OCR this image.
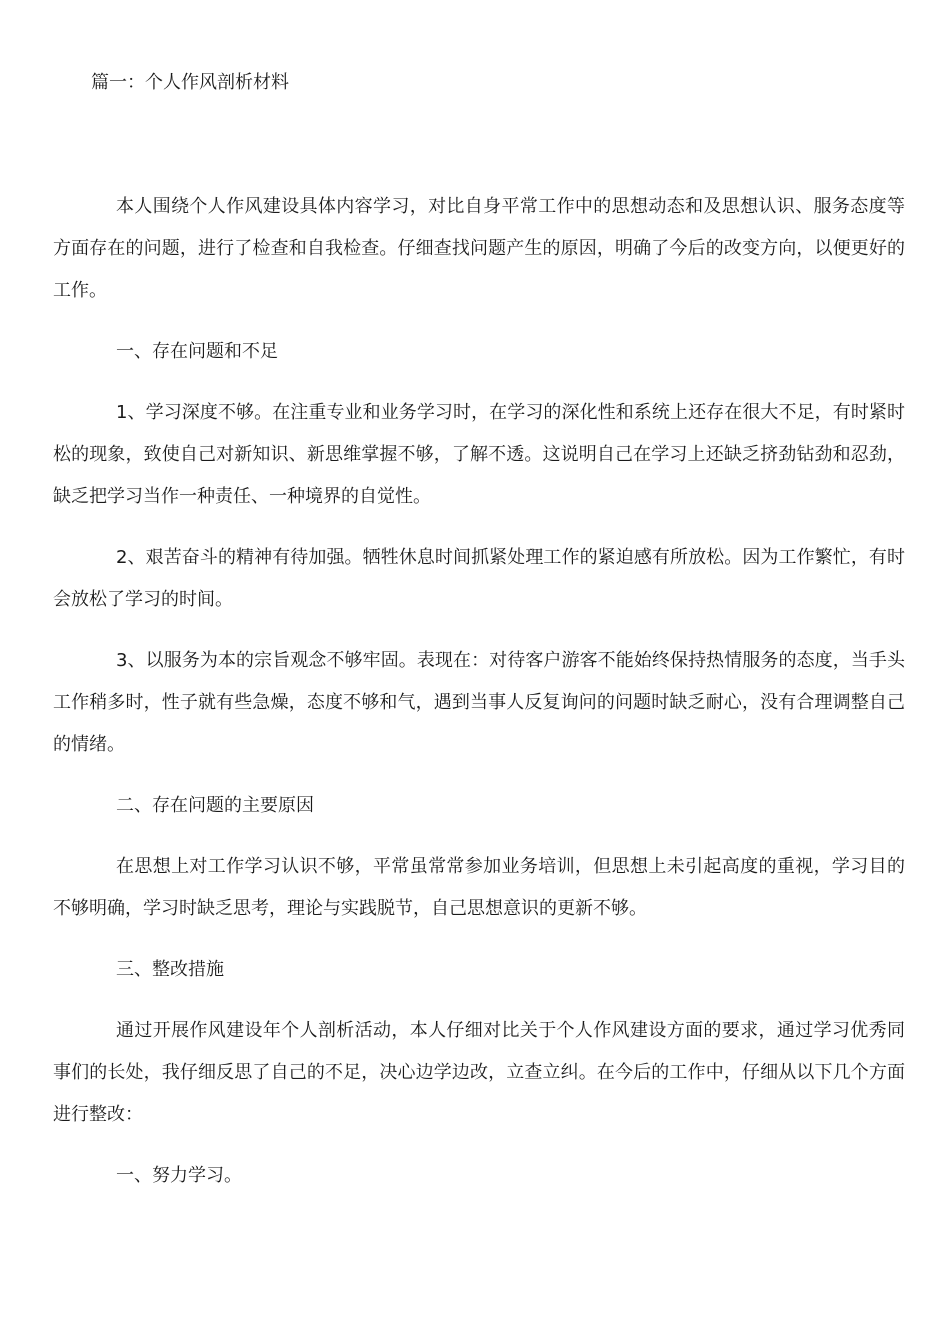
篇一：个人作风剖析材料

本人围绕个人作风建设具体内容学习，对比自身平常工作中的思想动态和及思想认识、服务态度等方面存在的问题，进行了检查和自我检查。仔细查找问题产生的原因，明确了今后的改变方向，以便更好的工作。

一、存在问题和不足

1、学习深度不够。在注重专业和业务学习时，在学习的深化性和系统上还存在很大不足，有时紧时松的现象，致使自己对新知识、新思维掌握不够，了解不透。这说明自己在学习上还缺乏挤劲钻劲和忍劲，缺乏把学习当作一种责任、一种境界的自觉性。

2、艰苦奋斗的精神有待加强。牺牲休息时间抓紧处理工作的紧迫感有所放松。因为工作繁忙，有时会放松了学习的时间。

3、以服务为本的宗旨观念不够牢固。表现在：对待客户游客不能始终保持热情服务的态度，当手头工作稍多时，性子就有些急燥，态度不够和气，遇到当事人反复询问的问题时缺乏耐心，没有合理调整自己的情绪。

二、存在问题的主要原因

在思想上对工作学习认识不够，平常虽常常参加业务培训，但思想上未引起高度的重视，学习目的不够明确，学习时缺乏思考，理论与实践脱节，自己思想意识的更新不够。

三、整改措施

通过开展作风建设年个人剖析活动，本人仔细对比关于个人作风建设方面的要求，通过学习优秀同事们的长处，我仔细反思了自己的不足，决心边学边改，立查立纠。在今后的工作中，仔细从以下几个方面进行整改：

一、努力学习。
